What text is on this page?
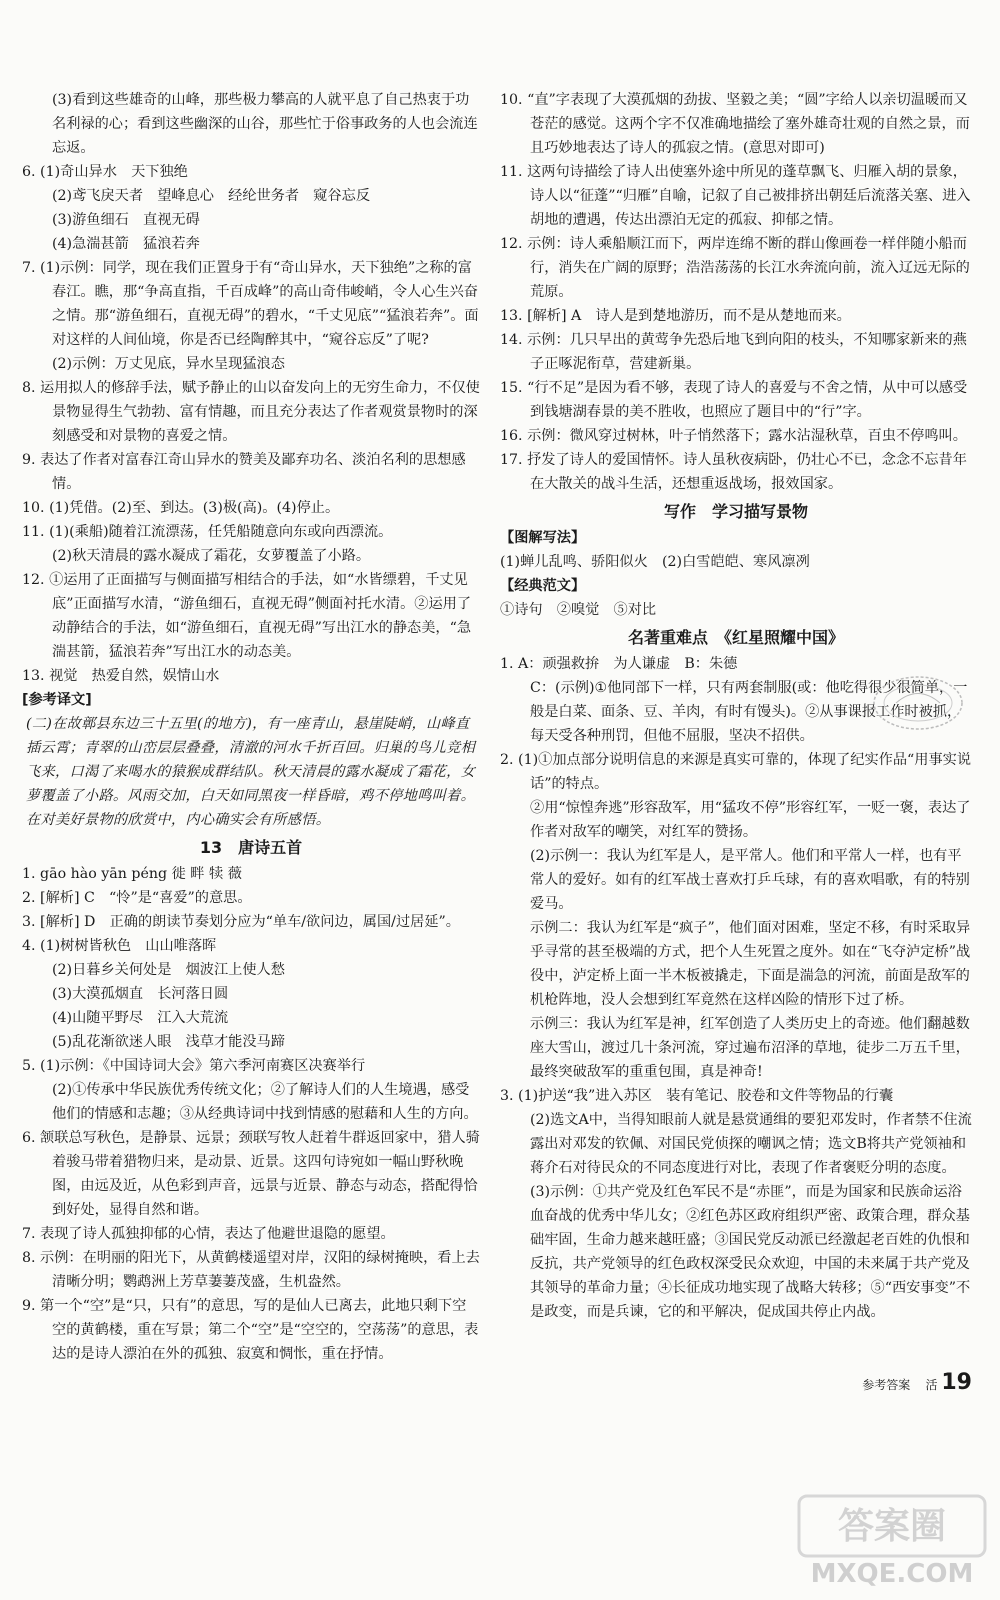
(3)看到这些雄奇的山峰，那些极力攀高的人就平息了自己热衷于功名利禄的心；看到这些幽深的山谷，那些忙于俗事政务的人也会流连忘返。

6. (1)奇山异水　天下独绝

(2)鸢飞戾天者　望峰息心　经纶世务者　窥谷忘反

(3)游鱼细石　直视无碍

(4)急湍甚箭　猛浪若奔

7. (1)示例：同学，现在我们正置身于有“奇山异水，天下独绝”之称的富春江。瞧，那“争高直指，千百成峰”的高山奇伟峻峭，令人心生兴奋之情。那“游鱼细石，直视无碍”的碧水，“千丈见底”“猛浪若奔”。面对这样的人间仙境，你是否已经陶醉其中，“窥谷忘反”了呢?

(2)示例：万丈见底，异水呈现猛浪态

8. 运用拟人的修辞手法，赋予静止的山以奋发向上的无穷生命力，不仅使景物显得生气勃勃、富有情趣，而且充分表达了作者观赏景物时的深刻感受和对景物的喜爱之情。

9. 表达了作者对富春江奇山异水的赞美及鄙弃功名、淡泊名利的思想感情。

10. (1)凭借。(2)至、到达。(3)极(高)。(4)停止。

11. (1)(乘船)随着江流漂荡，任凭船随意向东或向西漂流。

(2)秋天清晨的露水凝成了霜花，女萝覆盖了小路。

12. ①运用了正面描写与侧面描写相结合的手法，如“水皆缥碧，千丈见底”正面描写水清，“游鱼细石，直视无碍”侧面衬托水清。②运用了动静结合的手法，如“游鱼细石，直视无碍”写出江水的静态美，“急湍甚箭，猛浪若奔”写出江水的动态美。

13. 视觉　热爱自然，娱情山水

[参考译文]

(二)在故鄣县东边三十五里(的地方)，有一座青山，悬崖陡峭，山峰直插云霄；青翠的山峦层层叠叠，清澈的河水千折百回。归巢的鸟儿竞相飞来，口渴了来喝水的猿猴成群结队。秋天清晨的露水凝成了霜花，女萝覆盖了小路。风雨交加，白天如同黑夜一样昏暗，鸡不停地鸣叫着。在对美好景物的欣赏中，内心确实会有所感悟。

13　唐诗五首

1. gāo hào yān péng 徙 畔 犊 薇

2. [解析] C　“怜”是“喜爱”的意思。

3. [解析] D　正确的朗读节奏划分应为“单车/欲问边，属国/过居延”。

4. (1)树树皆秋色　山山唯落晖

(2)日暮乡关何处是　烟波江上使人愁

(3)大漠孤烟直　长河落日圆

(4)山随平野尽　江入大荒流

(5)乱花渐欲迷人眼　浅草才能没马蹄

5. (1)示例：《中国诗词大会》第六季河南赛区决赛举行

(2)①传承中华民族优秀传统文化；②了解诗人们的人生境遇，感受他们的情感和志趣；③从经典诗词中找到情感的慰藉和人生的方向。

6. 颔联总写秋色，是静景、远景；颈联写牧人赶着牛群返回家中，猎人骑着骏马带着猎物归来，是动景、近景。这四句诗宛如一幅山野秋晚图，由远及近，从色彩到声音，远景与近景、静态与动态，搭配得恰到好处，显得自然和谐。

7. 表现了诗人孤独抑郁的心情，表达了他避世退隐的愿望。

8. 示例：在明丽的阳光下，从黄鹤楼遥望对岸，汉阳的绿树掩映，看上去清晰分明；鹦鹉洲上芳草萋萋茂盛，生机盎然。

9. 第一个“空”是“只，只有”的意思，写的是仙人已离去，此地只剩下空空的黄鹤楼，重在写景；第二个“空”是“空空的，空荡荡”的意思，表达的是诗人漂泊在外的孤独、寂寞和惆怅，重在抒情。

10. “直”字表现了大漠孤烟的劲拔、坚毅之美；“圆”字给人以亲切温暖而又苍茫的感觉。这两个字不仅准确地描绘了塞外雄奇壮观的自然之景，而且巧妙地表达了诗人的孤寂之情。(意思对即可)

11. 这两句诗描绘了诗人出使塞外途中所见的蓬草飘飞、归雁入胡的景象，诗人以“征蓬”“归雁”自喻，记叙了自己被排挤出朝廷后流落关塞、进入胡地的遭遇，传达出漂泊无定的孤寂、抑郁之情。

12. 示例：诗人乘船顺江而下，两岸连绵不断的群山像画卷一样伴随小船而行，消失在广阔的原野；浩浩荡荡的长江水奔流向前，流入辽远无际的荒原。

13. [解析] A　诗人是到楚地游历，而不是从楚地而来。

14. 示例：几只早出的黄莺争先恐后地飞到向阳的枝头，不知哪家新来的燕子正啄泥衔草，营建新巢。

15. “行不足”是因为看不够，表现了诗人的喜爱与不舍之情，从中可以感受到钱塘湖春景的美不胜收，也照应了题目中的“行”字。

16. 示例：微风穿过树林，叶子悄然落下；露水沾湿秋草，百虫不停鸣叫。

17. 抒发了诗人的爱国情怀。诗人虽秋夜病卧，仍壮心不已，念念不忘昔年在大散关的战斗生活，还想重返战场，报效国家。

写作　学习描写景物

【图解写法】

(1)蝉儿乱鸣、骄阳似火　(2)白雪皑皑、寒风凛冽

【经典范文】

①诗句　②嗅觉　⑤对比

名著重难点　《红星照耀中国》

1. A：顽强救拚　为人谦虚　B：朱德

C：(示例)①他同部下一样，只有两套制服(或：他吃得很少很简单，一般是白菜、面条、豆、羊肉，有时有馒头)。②从事课报工作时被抓，每天受各种刑罚，但他不屈服，坚决不招供。

2. (1)①加点部分说明信息的来源是真实可靠的，体现了纪实作品“用事实说话”的特点。

②用“惊惶奔逃”形容敌军，用“猛攻不停”形容红军，一贬一褒，表达了作者对敌军的嘲笑，对红军的赞扬。

(2)示例一：我认为红军是人，是平常人。他们和平常人一样，也有平常人的爱好。如有的红军战士喜欢打乒乓球，有的喜欢唱歌，有的特别爱马。

示例二：我认为红军是“疯子”，他们面对困难，坚定不移，有时采取异乎寻常的甚至极端的方式，把个人生死置之度外。如在“飞夺泸定桥”战役中，泸定桥上面一半木板被撬走，下面是湍急的河流，前面是敌军的机枪阵地，没人会想到红军竟然在这样凶险的情形下过了桥。

示例三：我认为红军是神，红军创造了人类历史上的奇迹。他们翻越数座大雪山，渡过几十条河流，穿过遍布沼泽的草地，徒步二万五千里，最终突破敌军的重重包围，真是神奇!

3. (1)护送“我”进入苏区　装有笔记、胶卷和文件等物品的行囊

(2)选文A中，当得知眼前人就是悬赏通缉的要犯邓发时，作者禁不住流露出对邓发的钦佩、对国民党侦探的嘲讽之情；选文B将共产党领袖和蒋介石对待民众的不同态度进行对比，表现了作者褒贬分明的态度。

(3)示例：①共产党及红色军民不是“赤匪”，而是为国家和民族命运浴血奋战的优秀中华儿女；②红色苏区政府组织严密、政策合理，群众基础牢固，生命力越来越旺盛；③国民党反动派已经激起老百姓的仇恨和反抗，共产党领导的红色政权深受民众欢迎，中国的未来属于共产党及其领导的革命力量；④长征成功地实现了战略大转移；⑤“西安事变”不是政变，而是兵谏，它的和平解决，促成国共停止内战。

参考答案 活 19
答案圈
MXQE.COM
